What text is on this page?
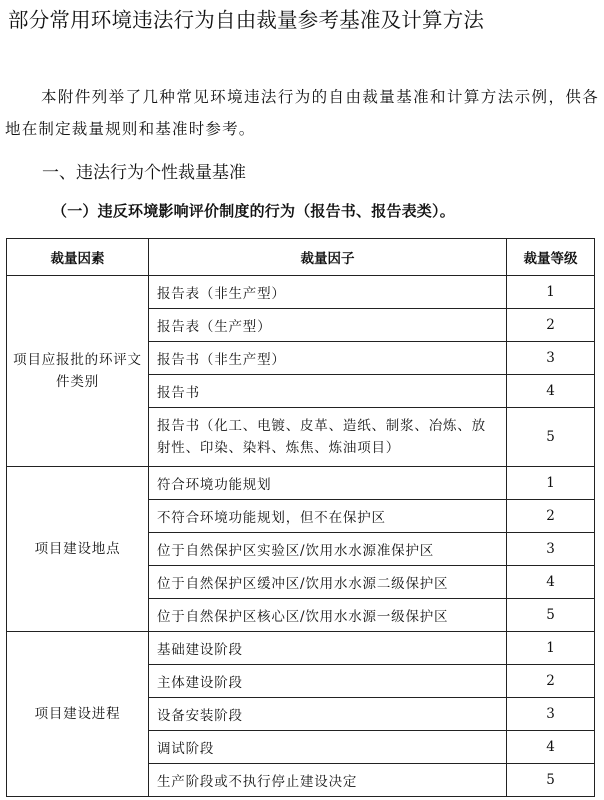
部分常用环境违法行为自由裁量参考基准及计算方法
本附件列举了几种常见环境违法行为的自由裁量基准和计算方法示例，供各地在制定裁量规则和基准时参考。
一、违法行为个性裁量基准
（一）违反环境影响评价制度的行为（报告书、报告表类）。
裁量因素	裁量因子	裁量等级
项目应报批的环评文件类别	报告表（非生产型）	1
	报告表（生产型）	2
	报告书（非生产型）	3
	报告书	4
	报告书（化工、电镀、皮革、造纸、制浆、冶炼、放射性、印染、染料、炼焦、炼油项目）	5
项目建设地点	符合环境功能规划	1
	不符合环境功能规划，但不在保护区	2
	位于自然保护区实验区/饮用水水源准保护区	3
	位于自然保护区缓冲区/饮用水水源二级保护区	4
	位于自然保护区核心区/饮用水水源一级保护区	5
项目建设进程	基础建设阶段	1
	主体建设阶段	2
	设备安装阶段	3
	调试阶段	4
	生产阶段或不执行停止建设决定	5
